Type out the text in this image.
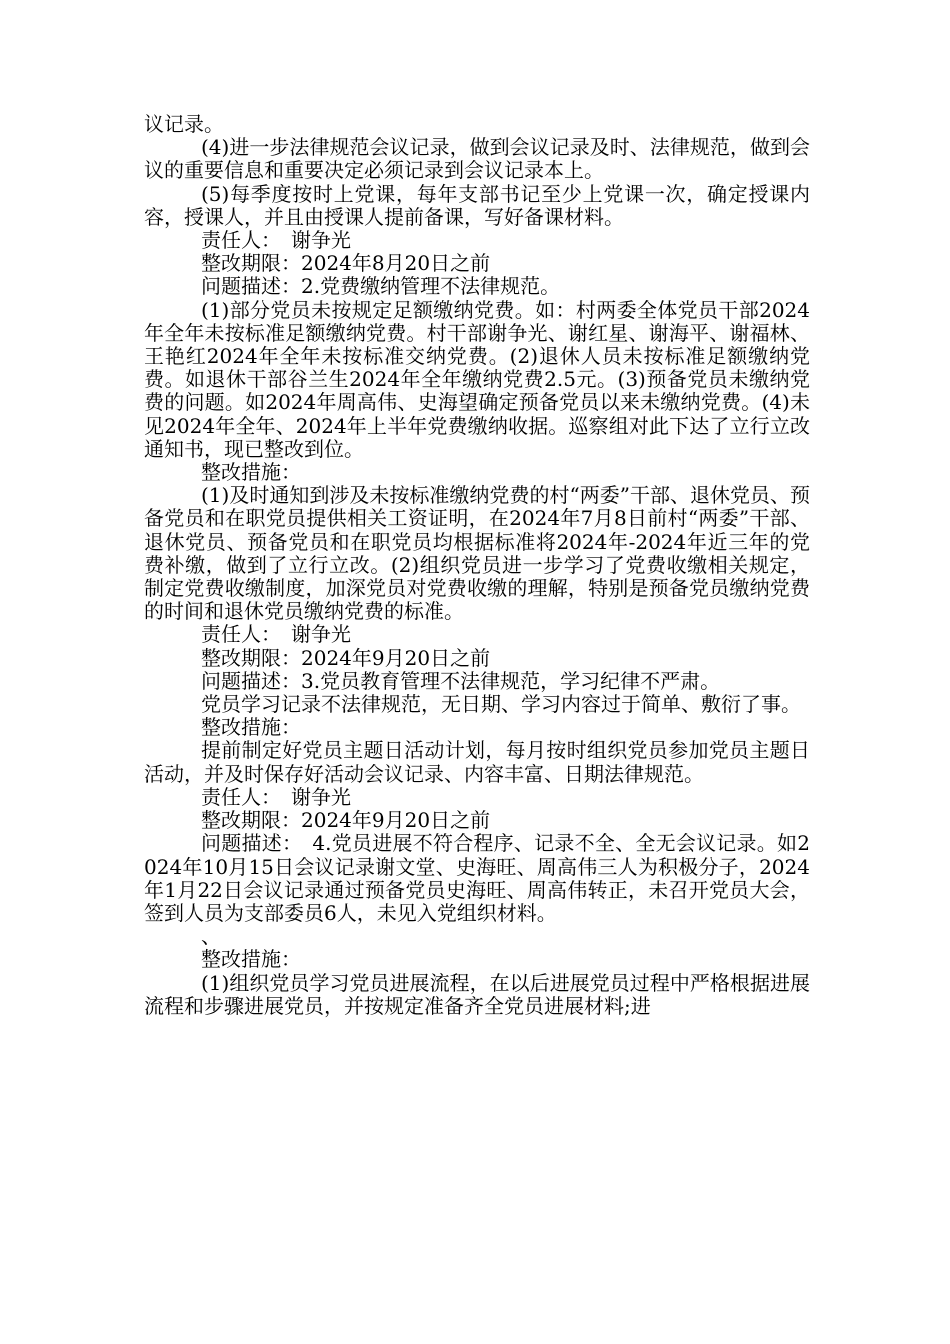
议记录。

(4)进一步法律规范会议记录，做到会议记录及时、法律规范，做到会议的重要信息和重要决定必须记录到会议记录本上。

(5)每季度按时上党课，每年支部书记至少上党课一次，确定授课内容，授课人，并且由授课人提前备课，写好备课材料。

责任人：　谢争光

整改期限：2024年8月20日之前

问题描述：2.党费缴纳管理不法律规范。

(1)部分党员未按规定足额缴纳党费。如：村两委全体党员干部2024年全年未按标准足额缴纳党费。村干部谢争光、谢红星、谢海平、谢福林、王艳红2024年全年未按标准交纳党费。(2)退休人员未按标准足额缴纳党费。如退休干部谷兰生2024年全年缴纳党费2.5元。(3)预备党员未缴纳党费的问题。如2024年周高伟、史海望确定预备党员以来未缴纳党费。(4)未见2024年全年、2024年上半年党费缴纳收据。巡察组对此下达了立行立改通知书，现已整改到位。

整改措施：

(1)及时通知到涉及未按标准缴纳党费的村“两委”干部、退休党员、预备党员和在职党员提供相关工资证明，在2024年7月8日前村“两委”干部、退休党员、预备党员和在职党员均根据标准将2024年-2024年近三年的党费补缴，做到了立行立改。(2)组织党员进一步学习了党费收缴相关规定，制定党费收缴制度，加深党员对党费收缴的理解，特别是预备党员缴纳党费的时间和退休党员缴纳党费的标准。

责任人：　谢争光

整改期限：2024年9月20日之前

问题描述：3.党员教育管理不法律规范，学习纪律不严肃。

党员学习记录不法律规范，无日期、学习内容过于简单、敷衍了事。

整改措施：

提前制定好党员主题日活动计划，每月按时组织党员参加党员主题日活动，并及时保存好活动会议记录、内容丰富、日期法律规范。

责任人：　谢争光

整改期限：2024年9月20日之前

问题描述：　4.党员进展不符合程序、记录不全、全无会议记录。如2024年10月15日会议记录谢文堂、史海旺、周高伟三人为积极分子，2024年1月22日会议记录通过预备党员史海旺、周高伟转正，未召开党员大会，签到人员为支部委员6人，未见入党组织材料。

、

整改措施：

(1)组织党员学习党员进展流程，在以后进展党员过程中严格根据进展流程和步骤进展党员，并按规定准备齐全党员进展材料;进
